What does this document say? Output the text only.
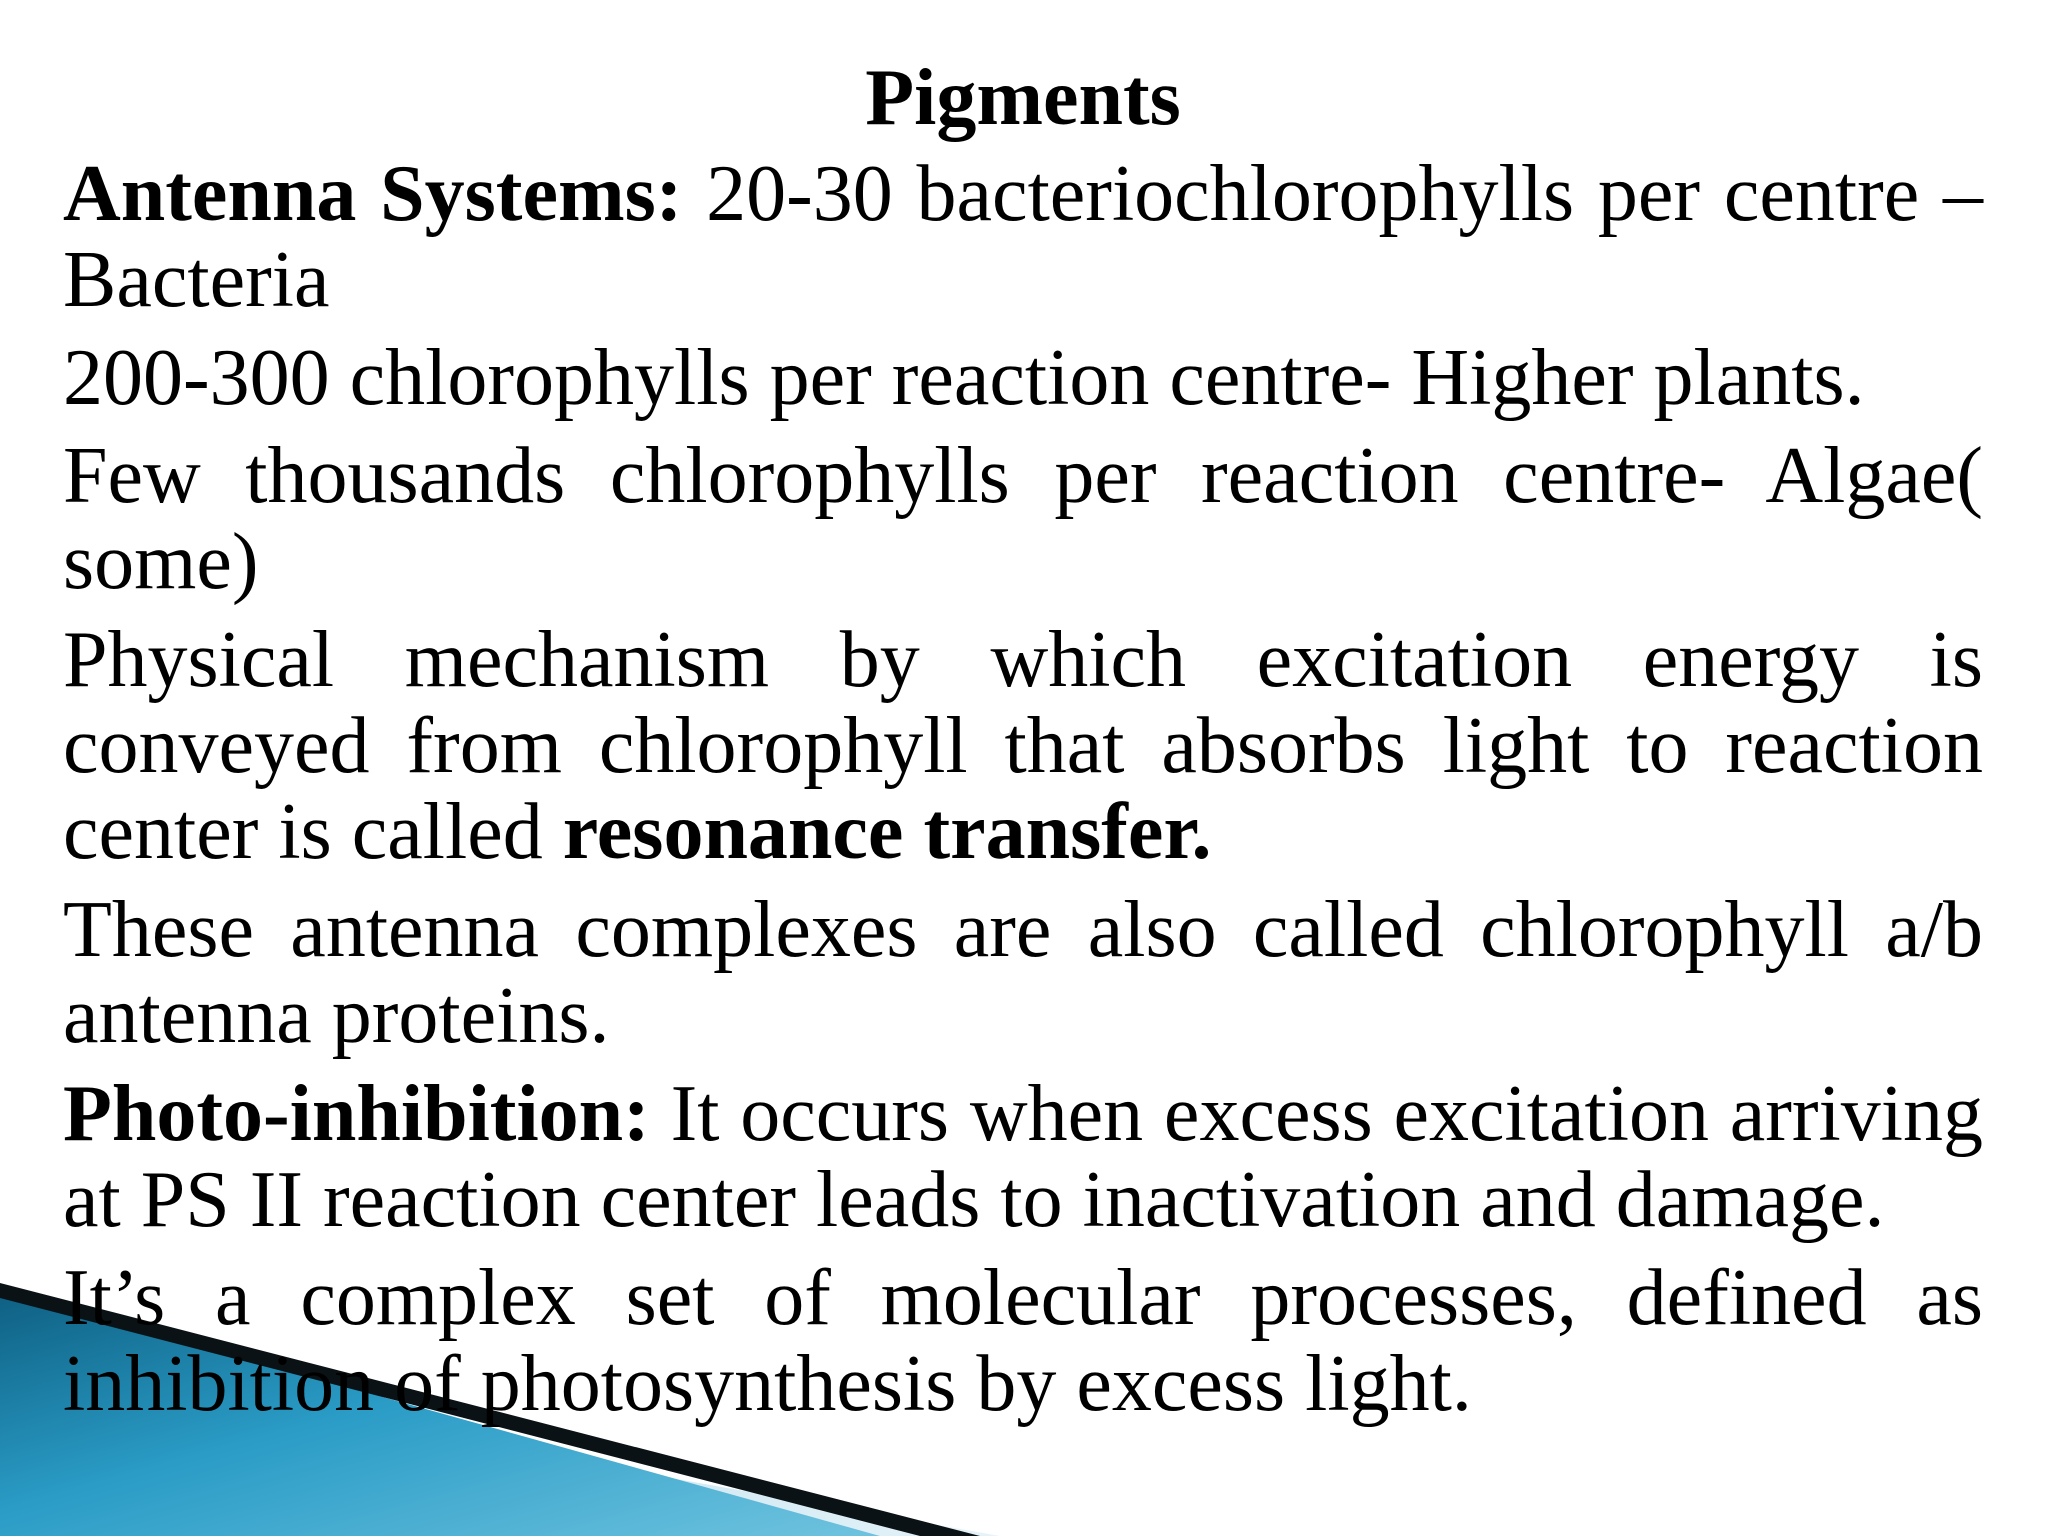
Pigments
Antenna Systems: 20-30 bacteriochlorophylls per centre – Bacteria
200-300 chlorophylls per reaction centre- Higher plants.
Few thousands chlorophylls per reaction centre- Algae( some)
Physical mechanism by which excitation energy is conveyed from chlorophyll that absorbs light to reaction center is called resonance transfer.
These antenna complexes are also called chlorophyll a/b antenna proteins.
Photo-inhibition: It occurs when excess excitation arriving at PS II reaction center leads to inactivation and damage.
It’s a complex set of molecular processes, defined as inhibition of photosynthesis by excess light.
